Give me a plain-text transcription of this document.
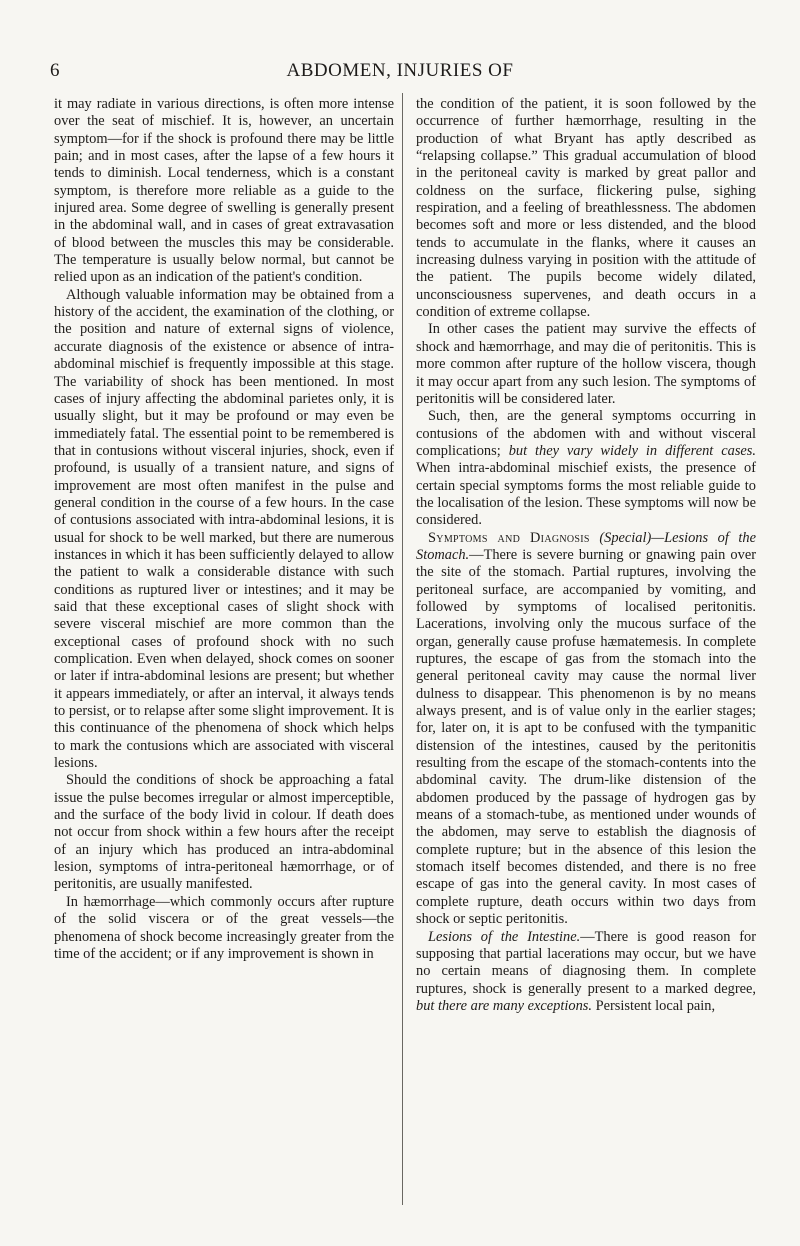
6	ABDOMEN, INJURIES OF

it may radiate in various directions, is often more intense over the seat of mischief. It is, however, an uncertain symptom—for if the shock is profound there may be little pain; and in most cases, after the lapse of a few hours it tends to diminish. Local tenderness, which is a constant symptom, is therefore more reliable as a guide to the injured area. Some degree of swelling is generally present in the abdominal wall, and in cases of great extravasation of blood between the muscles this may be considerable. The temperature is usually below normal, but cannot be relied upon as an indication of the patient's condition.

Although valuable information may be obtained from a history of the accident, the examination of the clothing, or the position and nature of external signs of violence, accurate diagnosis of the existence or absence of intra-abdominal mischief is frequently impossible at this stage. The variability of shock has been mentioned. In most cases of injury affecting the abdominal parietes only, it is usually slight, but it may be profound or may even be immediately fatal. The essential point to be remembered is that in contusions without visceral injuries, shock, even if profound, is usually of a transient nature, and signs of improvement are most often manifest in the pulse and general condition in the course of a few hours. In the case of contusions associated with intra-abdominal lesions, it is usual for shock to be well marked, but there are numerous instances in which it has been sufficiently delayed to allow the patient to walk a considerable distance with such conditions as ruptured liver or intestines; and it may be said that these exceptional cases of slight shock with severe visceral mischief are more common than the exceptional cases of profound shock with no such complication. Even when delayed, shock comes on sooner or later if intra-abdominal lesions are present; but whether it appears immediately, or after an interval, it always tends to persist, or to relapse after some slight improvement. It is this continuance of the phenomena of shock which helps to mark the contusions which are associated with visceral lesions.

Should the conditions of shock be approaching a fatal issue the pulse becomes irregular or almost imperceptible, and the surface of the body livid in colour. If death does not occur from shock within a few hours after the receipt of an injury which has produced an intra-abdominal lesion, symptoms of intra-peritoneal hæmorrhage, or of peritonitis, are usually manifested.

In hæmorrhage—which commonly occurs after rupture of the solid viscera or of the great vessels—the phenomena of shock become increasingly greater from the time of the accident; or if any improvement is shown in

the condition of the patient, it is soon followed by the occurrence of further hæmorrhage, resulting in the production of what Bryant has aptly described as “relapsing collapse.” This gradual accumulation of blood in the peritoneal cavity is marked by great pallor and coldness on the surface, flickering pulse, sighing respiration, and a feeling of breathlessness. The abdomen becomes soft and more or less distended, and the blood tends to accumulate in the flanks, where it causes an increasing dulness varying in position with the attitude of the patient. The pupils become widely dilated, unconsciousness supervenes, and death occurs in a condition of extreme collapse.

In other cases the patient may survive the effects of shock and hæmorrhage, and may die of peritonitis. This is more common after rupture of the hollow viscera, though it may occur apart from any such lesion. The symptoms of peritonitis will be considered later.

Such, then, are the general symptoms occurring in contusions of the abdomen with and without visceral complications; but they vary widely in different cases. When intra-abdominal mischief exists, the presence of certain special symptoms forms the most reliable guide to the localisation of the lesion. These symptoms will now be considered.

Symptoms and Diagnosis (Special)—Lesions of the Stomach.—There is severe burning or gnawing pain over the site of the stomach. Partial ruptures, involving the peritoneal surface, are accompanied by vomiting, and followed by symptoms of localised peritonitis. Lacerations, involving only the mucous surface of the organ, generally cause profuse hæmatemesis. In complete ruptures, the escape of gas from the stomach into the general peritoneal cavity may cause the normal liver dulness to disappear. This phenomenon is by no means always present, and is of value only in the earlier stages; for, later on, it is apt to be confused with the tympanitic distension of the intestines, caused by the peritonitis resulting from the escape of the stomach-contents into the abdominal cavity. The drum-like distension of the abdomen produced by the passage of hydrogen gas by means of a stomach-tube, as mentioned under wounds of the abdomen, may serve to establish the diagnosis of complete rupture; but in the absence of this lesion the stomach itself becomes distended, and there is no free escape of gas into the general cavity. In most cases of complete rupture, death occurs within two days from shock or septic peritonitis.

Lesions of the Intestine.—There is good reason for supposing that partial lacerations may occur, but we have no certain means of diagnosing them. In complete ruptures, shock is generally present to a marked degree, but there are many exceptions. Persistent local pain,
